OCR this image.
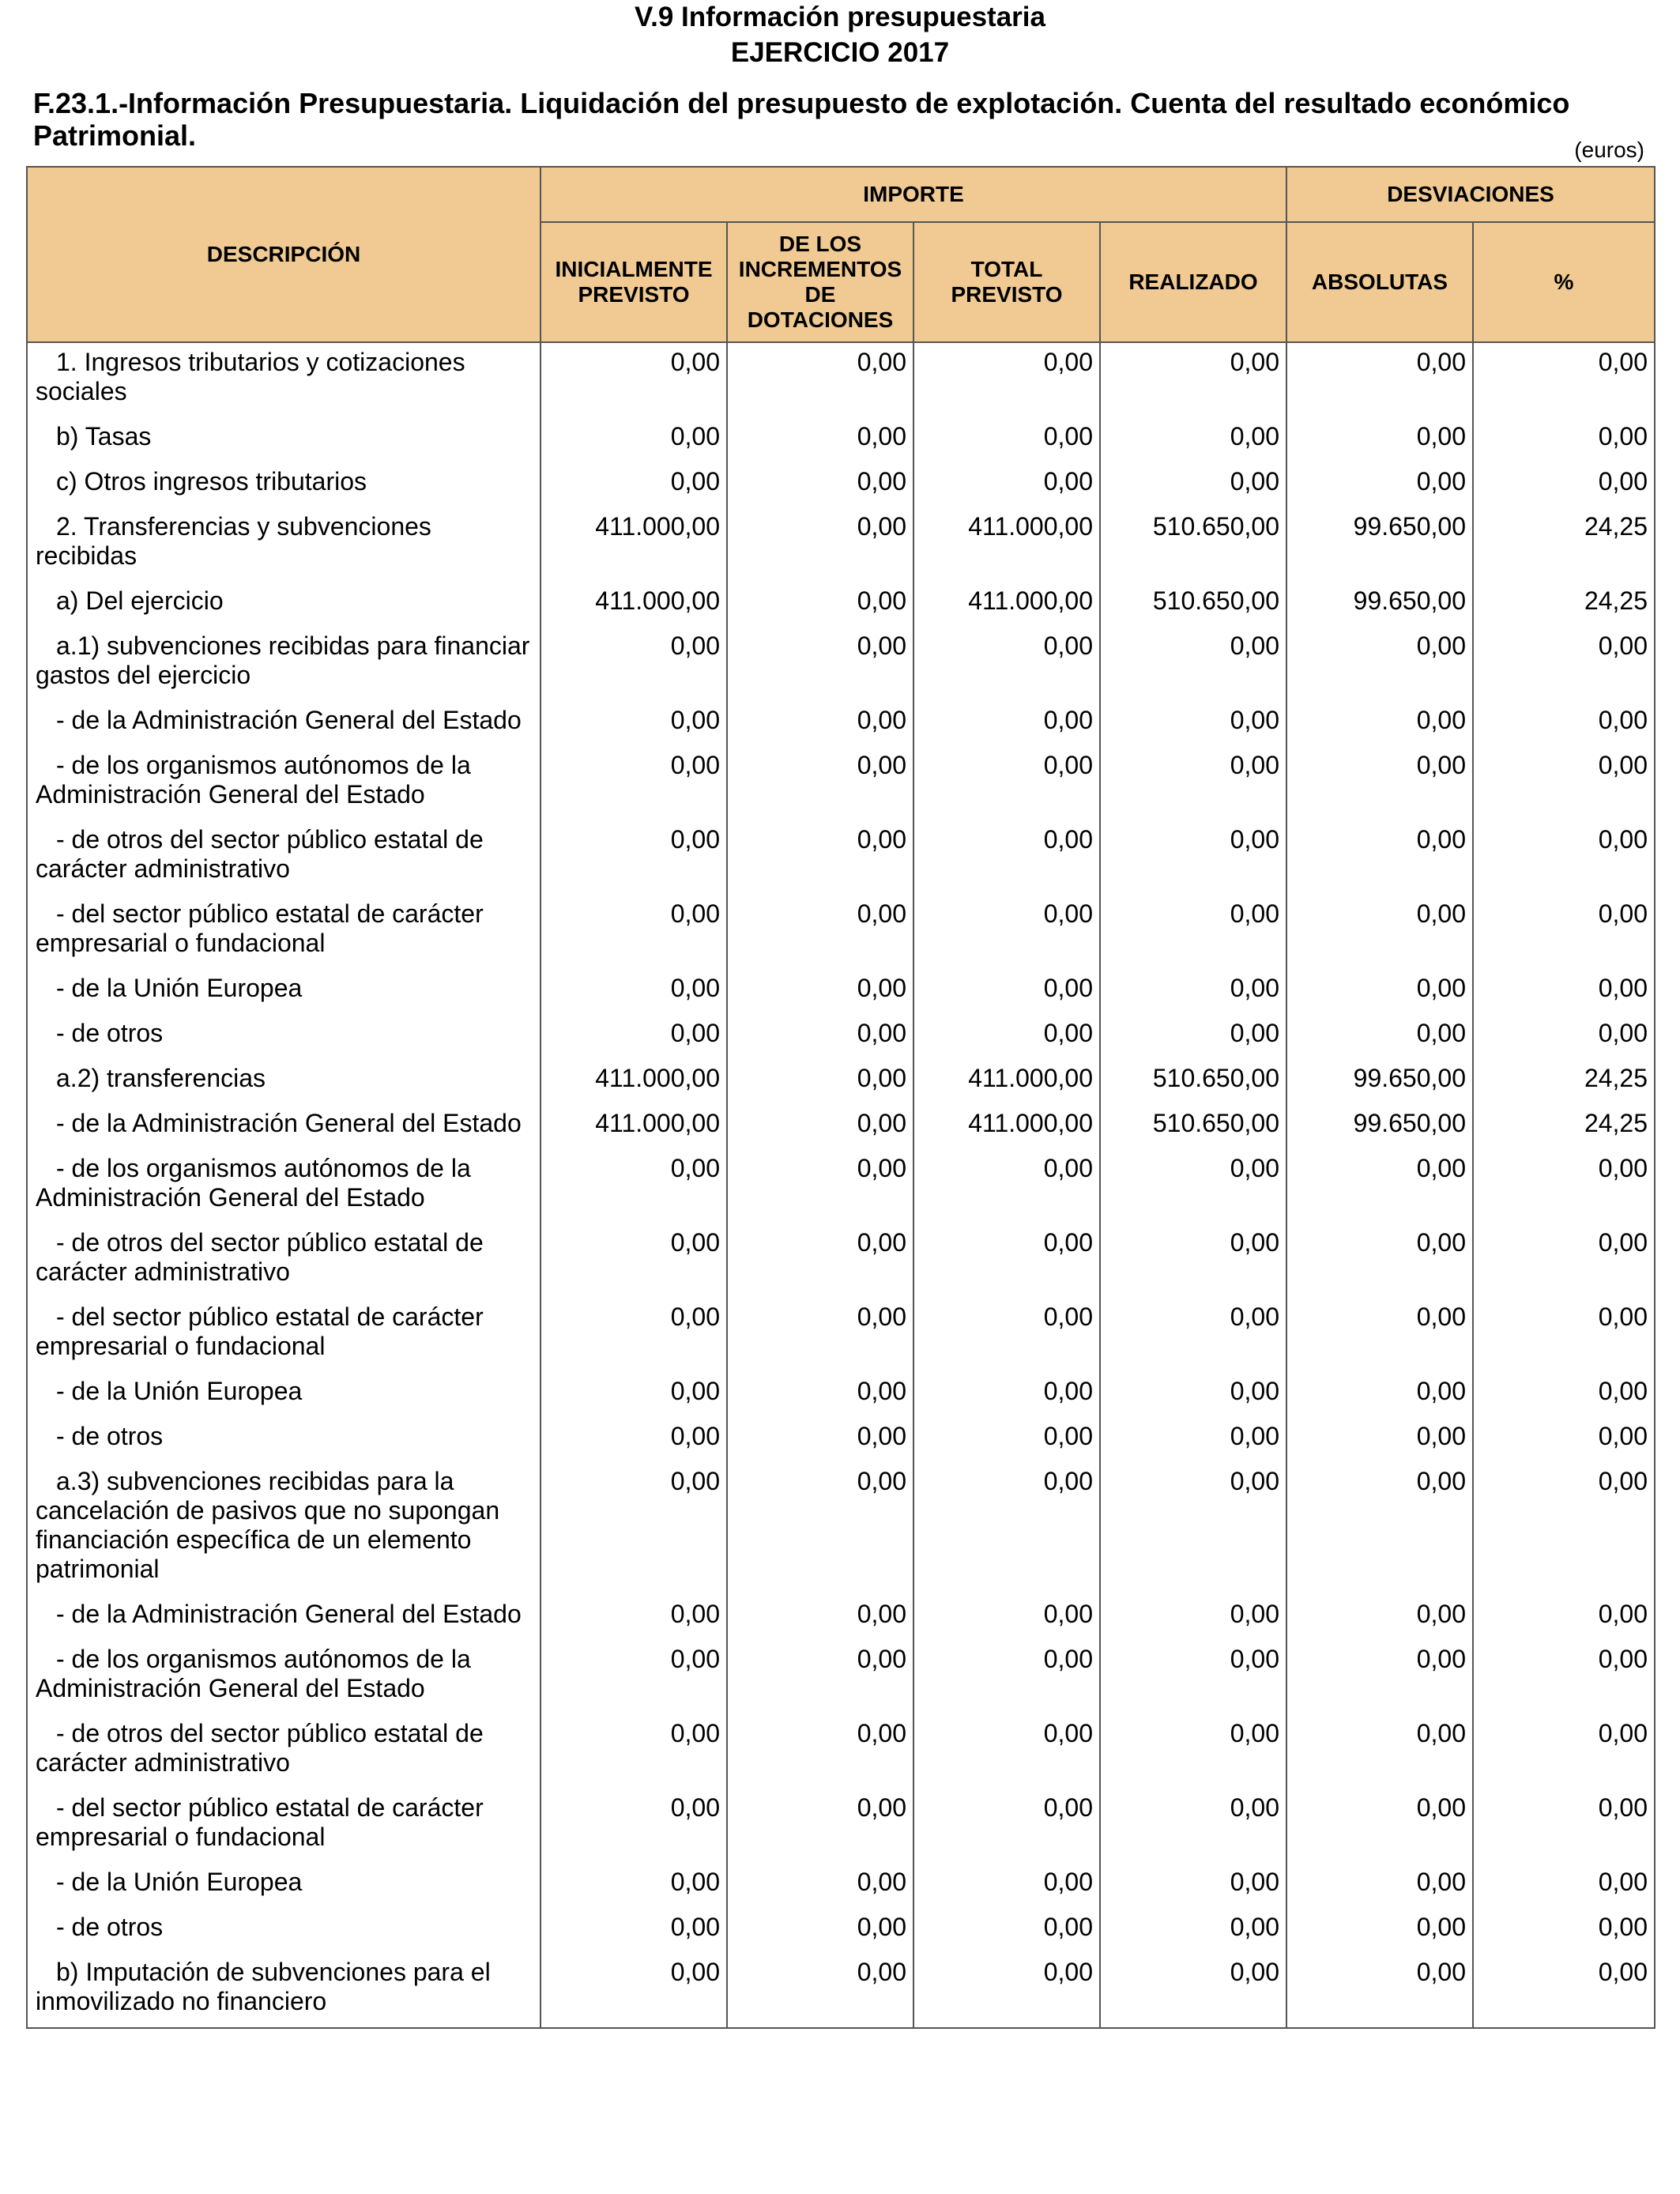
V.9 Información presupuestaria
EJERCICIO 2017
F.23.1.-Información Presupuestaria. Liquidación del presupuesto de explotación. Cuenta del resultado económico Patrimonial.	(euros)
DESCRIPCIÓN	IMPORTE				DESVIACIONES	
	INICIALMENTE PREVISTO	DE LOS INCREMENTOS DE DOTACIONES	TOTAL PREVISTO	REALIZADO	ABSOLUTAS	%
1. Ingresos tributarios y cotizaciones sociales	0,00	0,00	0,00	0,00	0,00	0,00
b) Tasas	0,00	0,00	0,00	0,00	0,00	0,00
c) Otros ingresos tributarios	0,00	0,00	0,00	0,00	0,00	0,00
2. Transferencias y subvenciones recibidas	411.000,00	0,00	411.000,00	510.650,00	99.650,00	24,25
a) Del ejercicio	411.000,00	0,00	411.000,00	510.650,00	99.650,00	24,25
a.1) subvenciones recibidas para financiar gastos del ejercicio	0,00	0,00	0,00	0,00	0,00	0,00
- de la Administración General del Estado	0,00	0,00	0,00	0,00	0,00	0,00
- de los organismos autónomos de la Administración General del Estado	0,00	0,00	0,00	0,00	0,00	0,00
- de otros del sector público estatal de carácter administrativo	0,00	0,00	0,00	0,00	0,00	0,00
- del sector público estatal de carácter empresarial o fundacional	0,00	0,00	0,00	0,00	0,00	0,00
- de la Unión Europea	0,00	0,00	0,00	0,00	0,00	0,00
- de otros	0,00	0,00	0,00	0,00	0,00	0,00
a.2) transferencias	411.000,00	0,00	411.000,00	510.650,00	99.650,00	24,25
- de la Administración General del Estado	411.000,00	0,00	411.000,00	510.650,00	99.650,00	24,25
- de los organismos autónomos de la Administración General del Estado	0,00	0,00	0,00	0,00	0,00	0,00
- de otros del sector público estatal de carácter administrativo	0,00	0,00	0,00	0,00	0,00	0,00
- del sector público estatal de carácter empresarial o fundacional	0,00	0,00	0,00	0,00	0,00	0,00
- de la Unión Europea	0,00	0,00	0,00	0,00	0,00	0,00
- de otros	0,00	0,00	0,00	0,00	0,00	0,00
a.3) subvenciones recibidas para la cancelación de pasivos que no supongan financiación específica de un elemento patrimonial	0,00	0,00	0,00	0,00	0,00	0,00
- de la Administración General del Estado	0,00	0,00	0,00	0,00	0,00	0,00
- de los organismos autónomos de la Administración General del Estado	0,00	0,00	0,00	0,00	0,00	0,00
- de otros del sector público estatal de carácter administrativo	0,00	0,00	0,00	0,00	0,00	0,00
- del sector público estatal de carácter empresarial o fundacional	0,00	0,00	0,00	0,00	0,00	0,00
- de la Unión Europea	0,00	0,00	0,00	0,00	0,00	0,00
- de otros	0,00	0,00	0,00	0,00	0,00	0,00
b) Imputación de subvenciones para el inmovilizado no financiero	0,00	0,00	0,00	0,00	0,00	0,00
